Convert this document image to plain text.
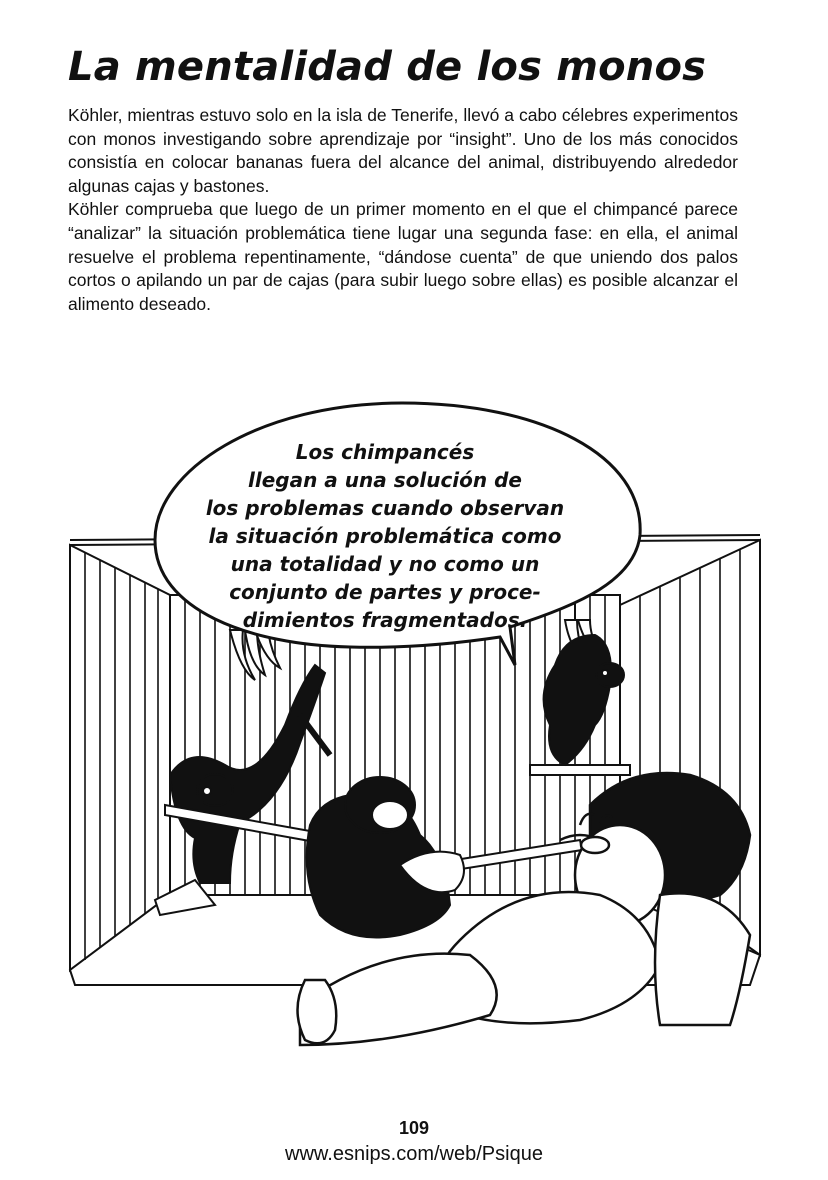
La mentalidad de los monos

Köhler, mientras estuvo solo en la isla de Tenerife, llevó a cabo célebres experimentos con monos investigando sobre aprendizaje por “insight”. Uno de los más conocidos consistía en colocar bananas fuera del alcance del animal, distribuyendo alrededor algunas cajas y bastones.

Köhler comprueba que luego de un primer momento en el que el chimpancé parece “analizar” la situación problemática tiene lugar una segunda fase: en ella, el animal resuelve el problema repentinamente, “dándose cuenta” de que uniendo dos palos cortos o apilando un par de cajas (para subir luego sobre ellas) es posible alcanzar el alimento deseado.

Los chimpancés
llegan a una solución de
los problemas cuando observan
la situación problemática como
una totalidad y no como un
conjunto de partes y proce-
dimientos fragmentados.
109
www.esnips.com/web/Psique
